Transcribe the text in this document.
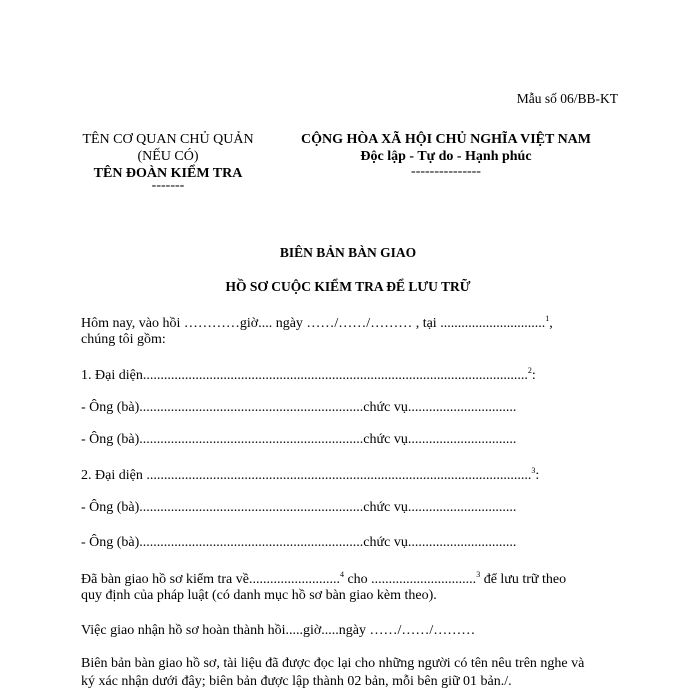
Mẫu số 06/BB-KT
TÊN CƠ QUAN CHỦ QUẢN
(NẾU CÓ)
TÊN ĐOÀN KIỂM TRA
-------
CỘNG HÒA XÃ HỘI CHỦ NGHĨA VIỆT NAM
Độc lập - Tự do - Hạnh phúc
---------------
BIÊN BẢN BÀN GIAO
HỒ SƠ CUỘC KIỂM TRA ĐỂ LƯU TRỮ
Hôm nay, vào hồi …………giờ.... ngày ……/……/……… , tại ..............................$^1$,
chúng tôi gồm:
1. Đại diện..............................................................................................................$^2$:
- Ông (bà)................................................................chức vụ...............................
- Ông (bà)................................................................chức vụ...............................
2. Đại diện ..............................................................................................................$^3$:
- Ông (bà)................................................................chức vụ...............................
- Ông (bà)................................................................chức vụ...............................
Đã bàn giao hồ sơ kiểm tra về..........................$^4$ cho ..............................$^3$ để lưu trữ theo
quy định của pháp luật (có danh mục hồ sơ bàn giao kèm theo).
Việc giao nhận hồ sơ hoàn thành hồi.....giờ.....ngày ……/……/………
Biên bản bàn giao hồ sơ, tài liệu đã được đọc lại cho những người có tên nêu trên nghe và
ký xác nhận dưới đây; biên bản được lập thành 02 bản, mỗi bên giữ 01 bản./.
